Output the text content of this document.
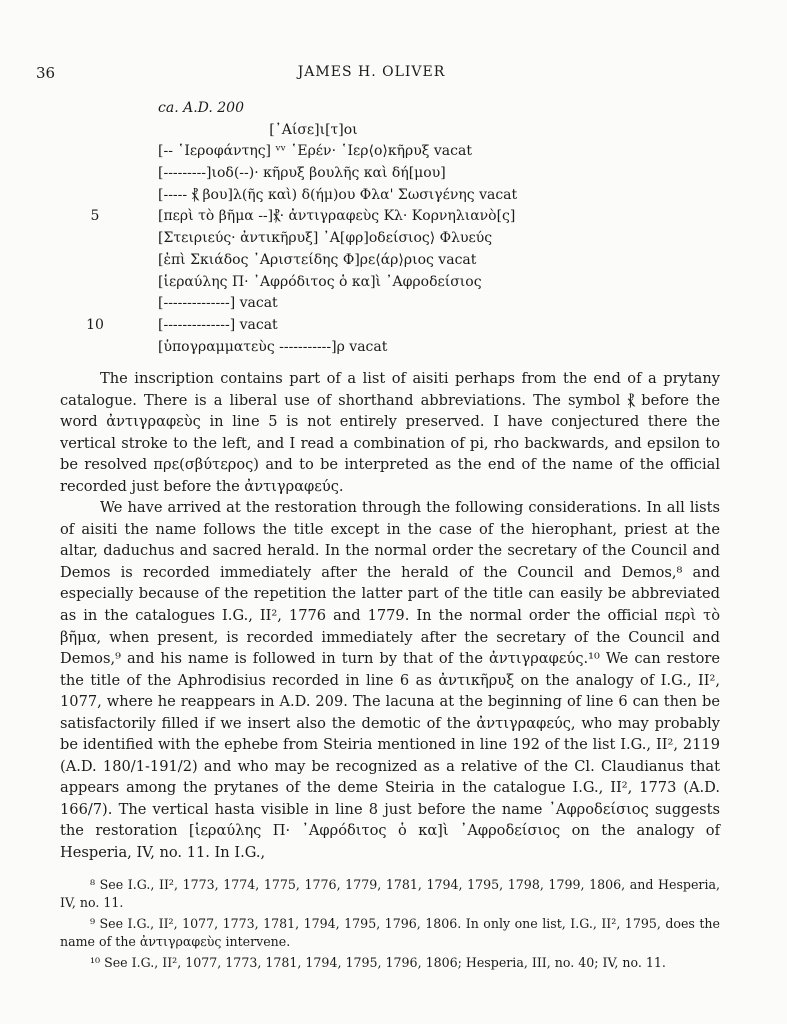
36	JAMES H. OLIVER
ca. A.D. 200
[᾿Αίσε]ι[τ]οι
[-- ῾Ιεροφάντης] ᵛᵛ ῾Ερέν· ῾Ιερ⟨ο⟩κῆρυξ vacat
[---------]ιοδ(--)· κῆρυξ βουλῆς καὶ δή[μου]
[----- ⳩ βου]λ(ῆς καὶ) δ(ήμ)ου Φλα' Σωσιγένης vacat
5	[περὶ τὸ βῆμα --]⳩· ἀντιγραφεὺς Κλ· Κορνηλιανὸ[ς]
[Στειριεύς· ἀντικῆρυξ] ᾿Α[φρ]οδείσιος⟩ Φλυεύς
[ἐπὶ Σκιάδος ᾿Αριστείδης Φ]ρε⟨άρ⟩ριος vacat
[ἱεραύλης Π· ᾿Αφρόδιτος ὁ κα]ὶ ᾿Αφροδείσιος
[--------------] vacat
10	[--------------] vacat
[ὑπογραμματεὺς -----------]ρ vacat

The inscription contains part of a list of aisiti perhaps from the end of a prytany catalogue. There is a liberal use of shorthand abbreviations. The symbol ⳩ before the word ἀντιγραφεὺς in line 5 is not entirely preserved. I have conjectured there the vertical stroke to the left, and I read a combination of pi, rho backwards, and epsilon to be resolved πρε(σβύτερος) and to be interpreted as the end of the name of the official recorded just before the ἀντιγραφεύς.

We have arrived at the restoration through the following considerations. In all lists of aisiti the name follows the title except in the case of the hierophant, priest at the altar, daduchus and sacred herald. In the normal order the secretary of the Council and Demos is recorded immediately after the herald of the Council and Demos,⁸ and especially because of the repetition the latter part of the title can easily be abbreviated as in the catalogues I.G., II², 1776 and 1779. In the normal order the official περὶ τὸ βῆμα, when present, is recorded immediately after the secretary of the Council and Demos,⁹ and his name is followed in turn by that of the ἀντιγραφεύς.¹⁰ We can restore the title of the Aphrodisius recorded in line 6 as ἀντικῆρυξ on the analogy of I.G., II², 1077, where he reappears in A.D. 209. The lacuna at the beginning of line 6 can then be satisfactorily filled if we insert also the demotic of the ἀντιγραφεύς, who may probably be identified with the ephebe from Steiria mentioned in line 192 of the list I.G., II², 2119 (A.D. 180/1-191/2) and who may be recognized as a relative of the Cl. Claudianus that appears among the prytanes of the deme Steiria in the catalogue I.G., II², 1773 (A.D. 166/7). The vertical hasta visible in line 8 just before the name ᾿Αφροδείσιος suggests the restoration [ἱεραύλης Π· ᾿Αφρόδιτος ὁ κα]ὶ ᾿Αφροδείσιος on the analogy of Hesperia, IV, no. 11. In I.G.,

⁸ See I.G., II², 1773, 1774, 1775, 1776, 1779, 1781, 1794, 1795, 1798, 1799, 1806, and Hesperia, IV, no. 11.

⁹ See I.G., II², 1077, 1773, 1781, 1794, 1795, 1796, 1806. In only one list, I.G., II², 1795, does the name of the ἀντιγραφεὺς intervene.

¹⁰ See I.G., II², 1077, 1773, 1781, 1794, 1795, 1796, 1806; Hesperia, III, no. 40; IV, no. 11.
